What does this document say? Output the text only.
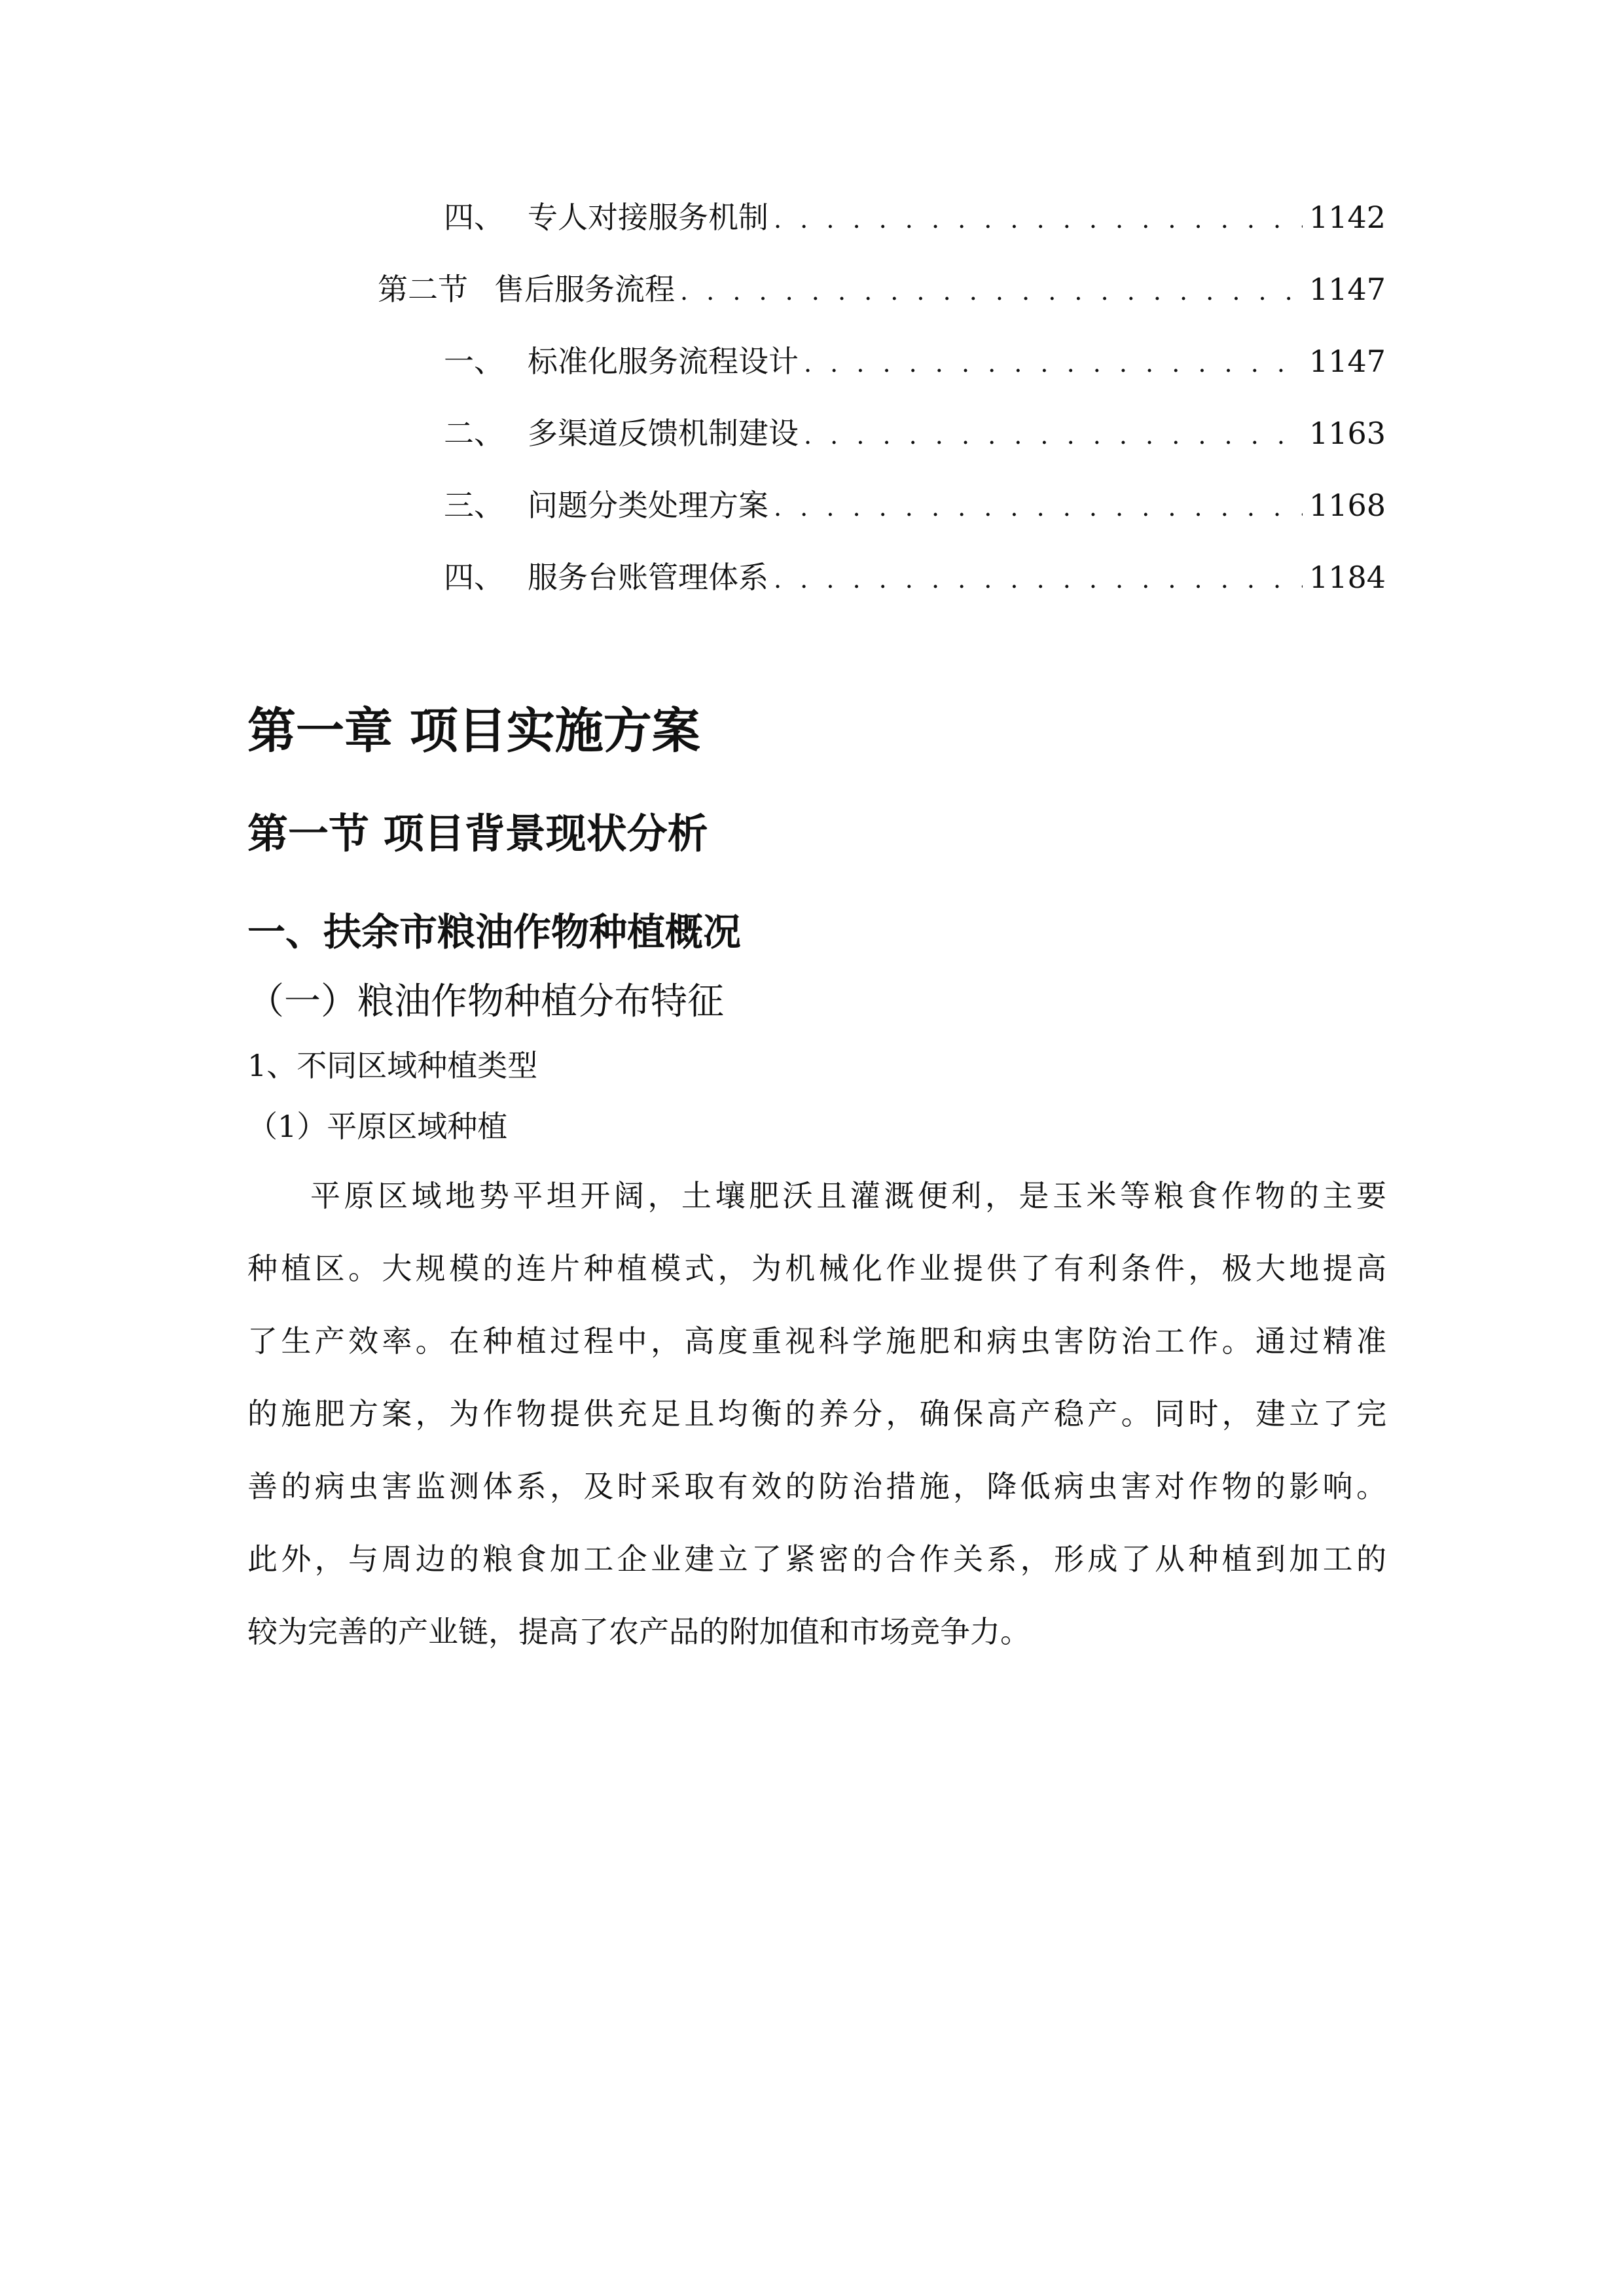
四、 专人对接服务机制 . . .	1142
第二节 售后服务流程 . . .	1147
一、 标准化服务流程设计 . . .	1147
二、 多渠道反馈机制建设 . . .	1163
三、 问题分类处理方案 . . .	1168
四、 服务台账管理体系 . . .	1184
第一章 项目实施方案
第一节 项目背景现状分析
一、扶余市粮油作物种植概况
（一）粮油作物种植分布特征
1、不同区域种植类型
（1）平原区域种植
平原区域地势平坦开阔，土壤肥沃且灌溉便利，是玉米等粮食作物的主要
种植区。大规模的连片种植模式，为机械化作业提供了有利条件，极大地提高
了生产效率。在种植过程中，高度重视科学施肥和病虫害防治工作。通过精准
的施肥方案，为作物提供充足且均衡的养分，确保高产稳产。同时，建立了完
善的病虫害监测体系，及时采取有效的防治措施，降低病虫害对作物的影响。
此外，与周边的粮食加工企业建立了紧密的合作关系，形成了从种植到加工的
较为完善的产业链，提高了农产品的附加值和市场竞争力。
